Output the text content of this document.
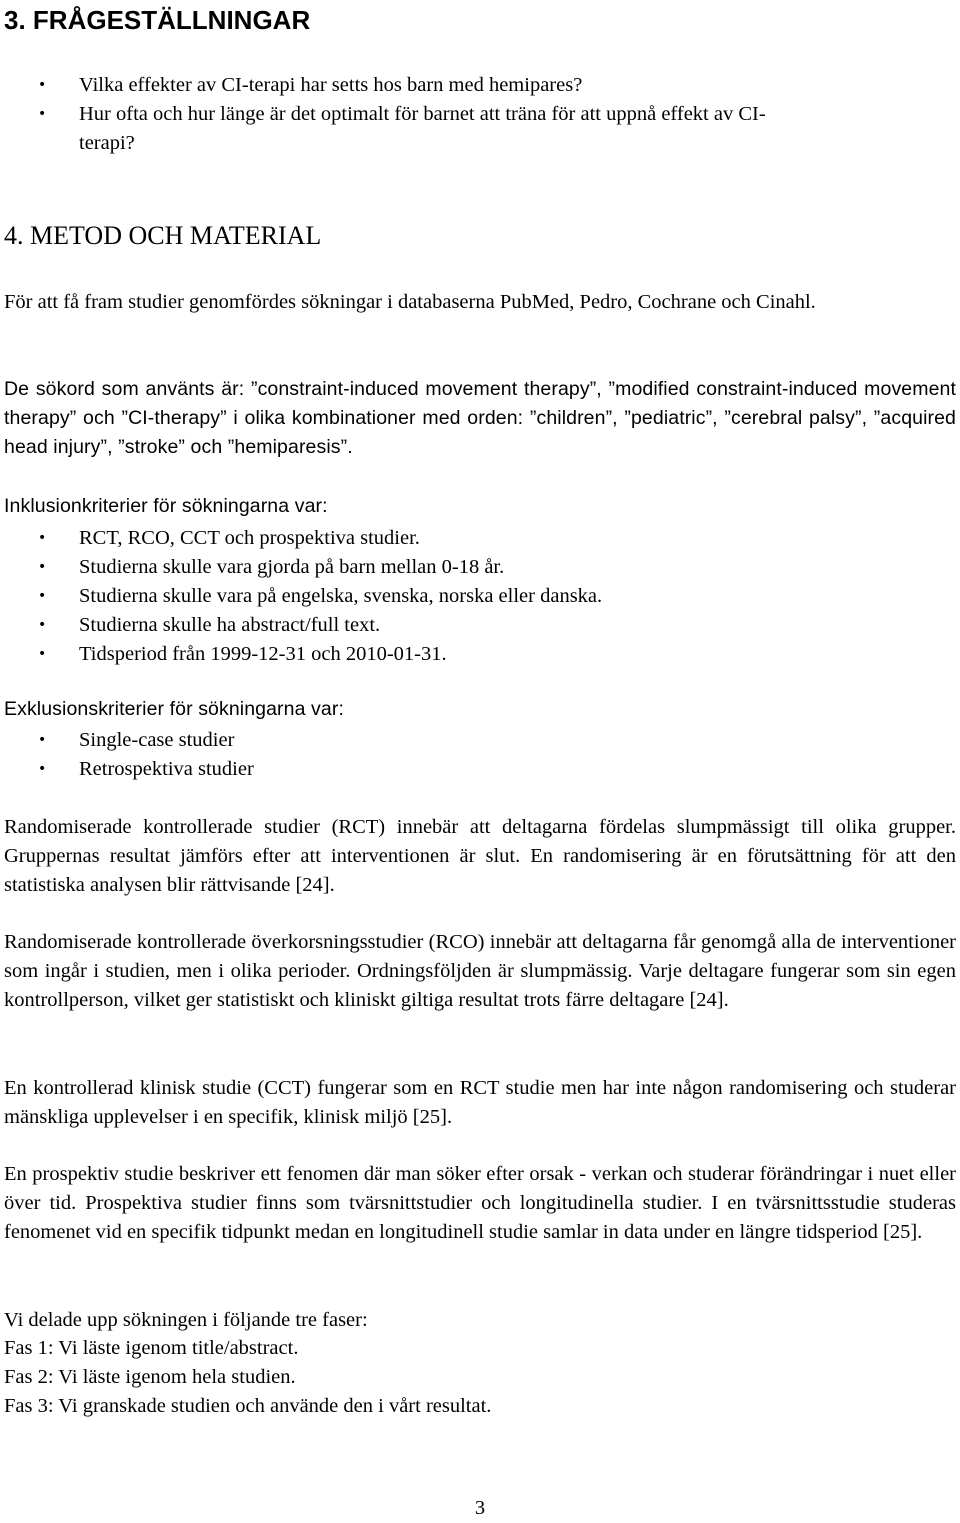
3. FRÅGESTÄLLNINGAR
• Vilka effekter av CI-terapi har setts hos barn med hemipares?
• Hur ofta och hur länge är det optimalt för barnet att träna för att uppnå effekt av CI-
terapi?
4. METOD OCH MATERIAL

För att få fram studier genomfördes sökningar i databaserna PubMed, Pedro, Cochrane och Cinahl.

De sökord som använts är: ”constraint-induced movement therapy”, ”modified constraint-induced movement therapy” och ”CI-therapy” i olika kombinationer med orden: ”children”, ”pediatric”, ”cerebral palsy”, ”acquired head injury”, ”stroke” och ”hemiparesis”.

Inklusionkriterier för sökningarna var:

• RCT, RCO, CCT och prospektiva studier.
• Studierna skulle vara gjorda på barn mellan 0-18 år.
• Studierna skulle vara på engelska, svenska, norska eller danska.
• Studierna skulle ha abstract/full text.
• Tidsperiod från 1999-12-31 och 2010-01-31.

Exklusionskriterier för sökningarna var:

• Single-case studier
• Retrospektiva studier

Randomiserade kontrollerade studier (RCT) innebär att deltagarna fördelas slumpmässigt till olika grupper. Gruppernas resultat jämförs efter att interventionen är slut. En randomisering är en förutsättning för att den statistiska analysen blir rättvisande [24].

Randomiserade kontrollerade överkorsningsstudier (RCO) innebär att deltagarna får genomgå alla de interventioner som ingår i studien, men i olika perioder. Ordningsföljden är slumpmässig. Varje deltagare fungerar som sin egen kontrollperson, vilket ger statistiskt och kliniskt giltiga resultat trots färre deltagare [24].

En kontrollerad klinisk studie (CCT) fungerar som en RCT studie men har inte någon randomisering och studerar mänskliga upplevelser i en specifik, klinisk miljö [25].

En prospektiv studie beskriver ett fenomen där man söker efter orsak - verkan och studerar förändringar i nuet eller över tid. Prospektiva studier finns som tvärsnittstudier och longitudinella studier. I en tvärsnittsstudie studeras fenomenet vid en specifik tidpunkt medan en longitudinell studie samlar in data under en längre tidsperiod [25].

Vi delade upp sökningen i följande tre faser:

Fas 1: Vi läste igenom title/abstract.

Fas 2: Vi läste igenom hela studien.

Fas 3: Vi granskade studien och använde den i vårt resultat.

3
